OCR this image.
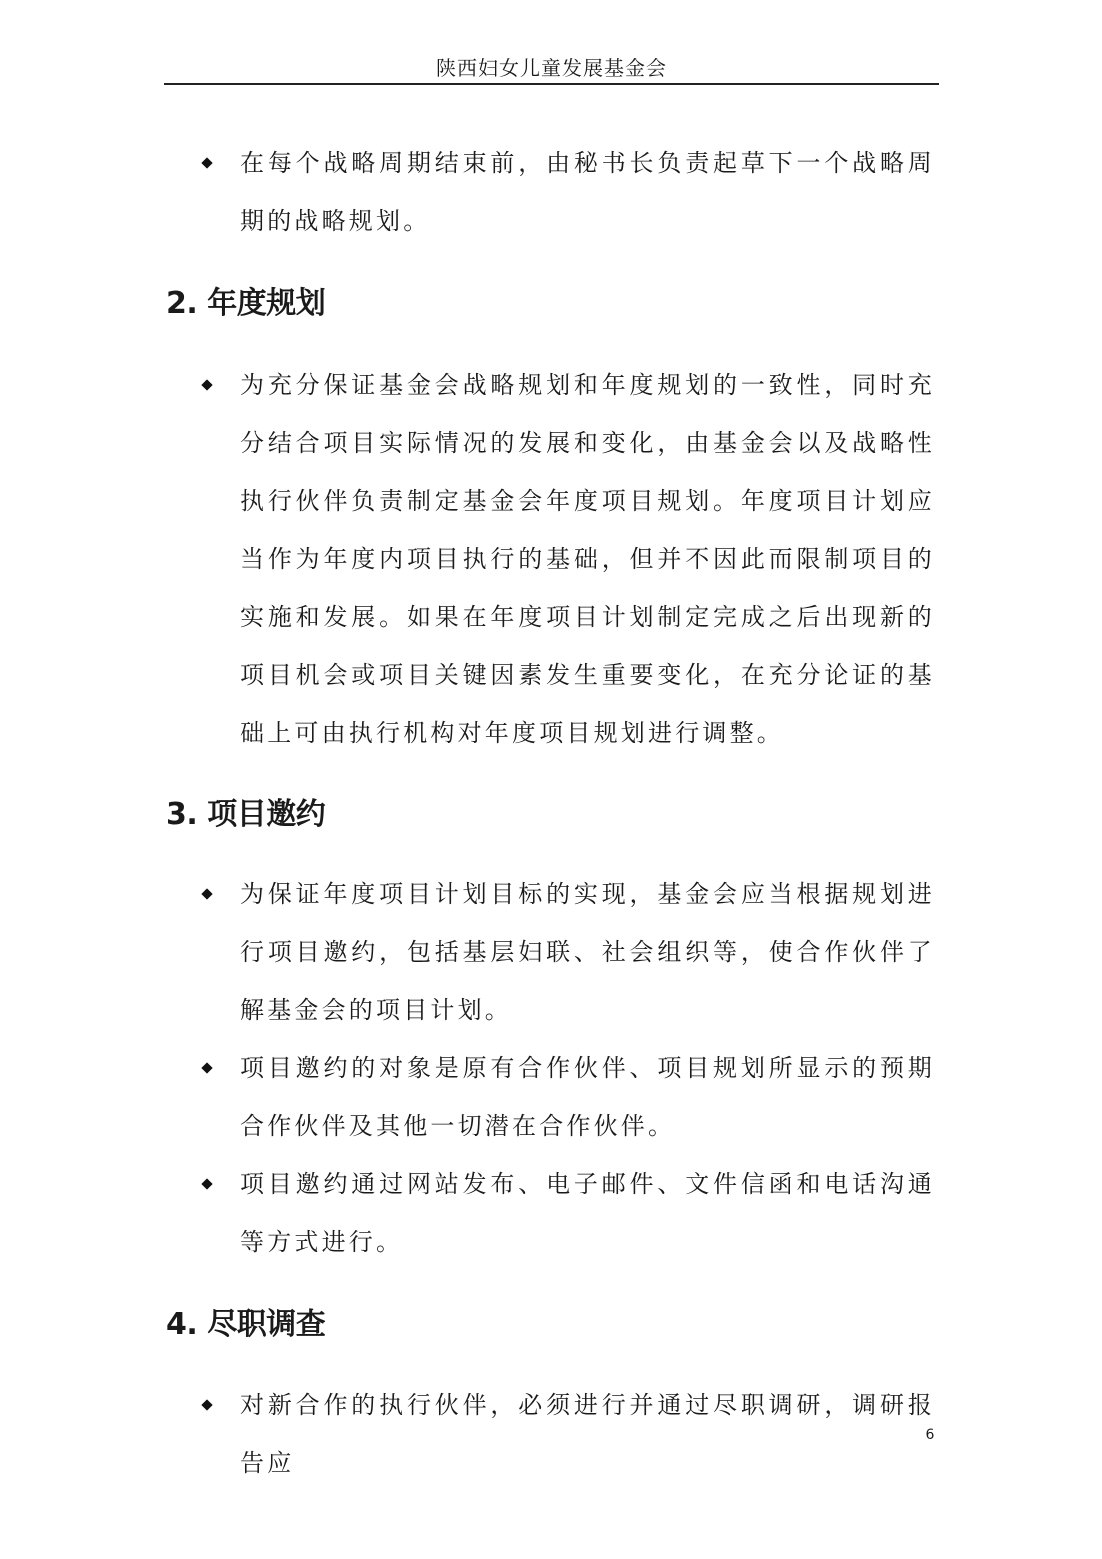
陕西妇女儿童发展基金会
在每个战略周期结束前，由秘书长负责起草下一个战略周期的战略规划。
2. 年度规划
为充分保证基金会战略规划和年度规划的一致性，同时充分结合项目实际情况的发展和变化，由基金会以及战略性执行伙伴负责制定基金会年度项目规划。年度项目计划应当作为年度内项目执行的基础，但并不因此而限制项目的实施和发展。如果在年度项目计划制定完成之后出现新的项目机会或项目关键因素发生重要变化，在充分论证的基础上可由执行机构对年度项目规划进行调整。
3. 项目邀约
为保证年度项目计划目标的实现，基金会应当根据规划进行项目邀约，包括基层妇联、社会组织等，使合作伙伴了解基金会的项目计划。
项目邀约的对象是原有合作伙伴、项目规划所显示的预期合作伙伴及其他一切潜在合作伙伴。
项目邀约通过网站发布、电子邮件、文件信函和电话沟通等方式进行。
4. 尽职调查
对新合作的执行伙伴，必须进行并通过尽职调研，调研报告应
6
